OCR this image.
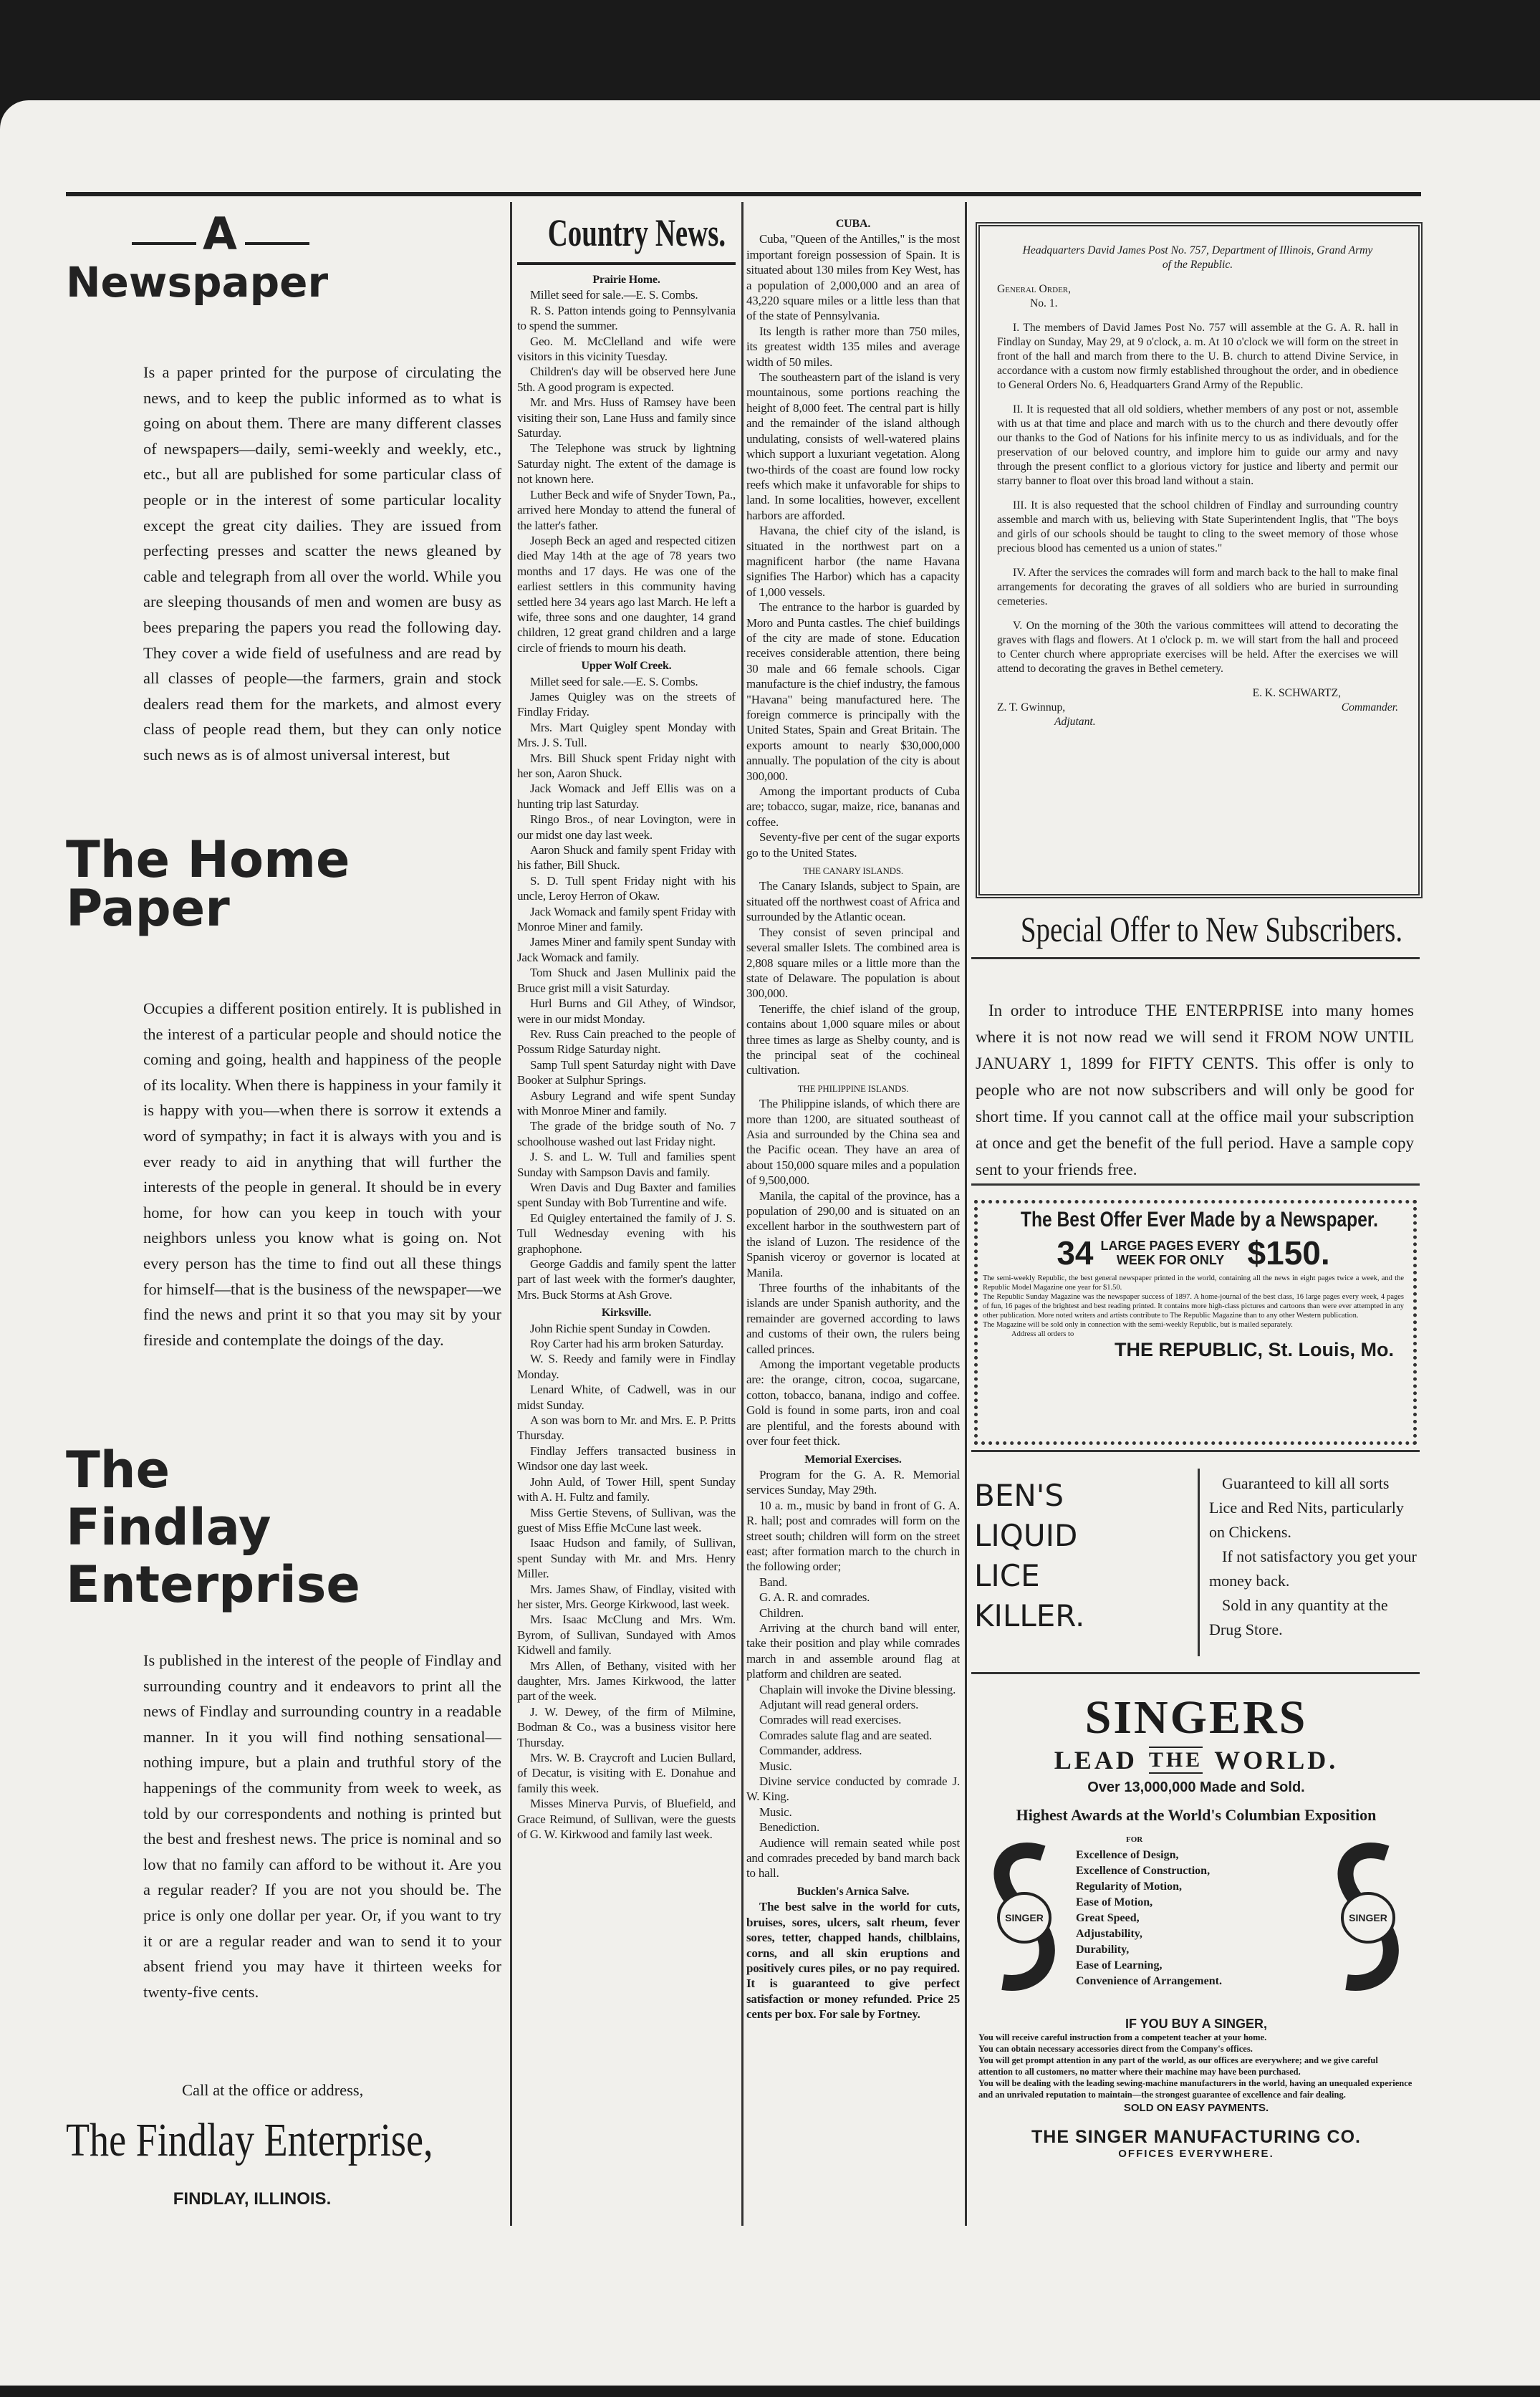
A
Newspaper
Is a paper printed for the purpose of circulating the news, and to keep the public informed as to what is going on about them. There are many different classes of newspapers—daily, semi-weekly and weekly, etc., etc., but all are published for some particular class of people or in the interest of some particular locality except the great city dailies. They are issued from perfecting presses and scatter the news gleaned by cable and telegraph from all over the world. While you are sleeping thousands of men and women are busy as bees preparing the papers you read the following day. They cover a wide field of usefulness and are read by all classes of people—the farmers, grain and stock dealers read them for the markets, and almost every class of people read them, but they can only notice such news as is of almost universal interest, but
The Home
Paper
Occupies a different position entirely. It is published in the interest of a particular people and should notice the coming and going, health and happiness of the people of its locality. When there is happiness in your family it is happy with you—when there is sorrow it extends a word of sympathy; in fact it is always with you and is ever ready to aid in anything that will further the interests of the people in general. It should be in every home, for how can you keep in touch with your neighbors unless you know what is going on. Not every person has the time to find out all these things for himself—that is the business of the newspaper—we find the news and print it so that you may sit by your fireside and contemplate the doings of the day.
The
Findlay
Enterprise
Is published in the interest of the people of Findlay and surrounding country and it endeavors to print all the news of Findlay and surrounding country in a readable manner. In it you will find nothing sensational—nothing impure, but a plain and truthful story of the happenings of the community from week to week, as told by our correspondents and nothing is printed but the best and freshest news. The price is nominal and so low that no family can afford to be without it. Are you a regular reader? If you are not you should be. The price is only one dollar per year. Or, if you want to try it or are a regular reader and wan to send it to your absent friend you may have it thirteen weeks for twenty-five cents.
Call at the office or address,
The Findlay Enterprise,
FINDLAY, ILLINOIS.
Country News.

Prairie Home.

Millet seed for sale.—E. S. Combs.

R. S. Patton intends going to Pennsylvania to spend the summer.

Geo. M. McClelland and wife were visitors in this vicinity Tuesday.

Children's day will be observed here June 5th. A good program is expected.

Mr. and Mrs. Huss of Ramsey have been visiting their son, Lane Huss and family since Saturday.

The Telephone was struck by lightning Saturday night. The extent of the damage is not known here.

Luther Beck and wife of Snyder Town, Pa., arrived here Monday to attend the funeral of the latter's father.

Joseph Beck an aged and respected citizen died May 14th at the age of 78 years two months and 17 days. He was one of the earliest settlers in this community having settled here 34 years ago last March. He left a wife, three sons and one daughter, 14 grand children, 12 great grand children and a large circle of friends to mourn his death.

Upper Wolf Creek.

Millet seed for sale.—E. S. Combs.

James Quigley was on the streets of Findlay Friday.

Mrs. Mart Quigley spent Monday with Mrs. J. S. Tull.

Mrs. Bill Shuck spent Friday night with her son, Aaron Shuck.

Jack Womack and Jeff Ellis was on a hunting trip last Saturday.

Ringo Bros., of near Lovington, were in our midst one day last week.

Aaron Shuck and family spent Friday with his father, Bill Shuck.

S. D. Tull spent Friday night with his uncle, Leroy Herron of Okaw.

Jack Womack and family spent Friday with Monroe Miner and family.

James Miner and family spent Sunday with Jack Womack and family.

Tom Shuck and Jasen Mullinix paid the Bruce grist mill a visit Saturday.

Hurl Burns and Gil Athey, of Windsor, were in our midst Monday.

Rev. Russ Cain preached to the people of Possum Ridge Saturday night.

Samp Tull spent Saturday night with Dave Booker at Sulphur Springs.

Asbury Legrand and wife spent Sunday with Monroe Miner and family.

The grade of the bridge south of No. 7 schoolhouse washed out last Friday night.

J. S. and L. W. Tull and families spent Sunday with Sampson Davis and family.

Wren Davis and Dug Baxter and families spent Sunday with Bob Turrentine and wife.

Ed Quigley entertained the family of J. S. Tull Wednesday evening with his graphophone.

George Gaddis and family spent the latter part of last week with the former's daughter, Mrs. Buck Storms at Ash Grove.

Kirksville.

John Richie spent Sunday in Cowden.

Roy Carter had his arm broken Saturday.

W. S. Reedy and family were in Findlay Monday.

Lenard White, of Cadwell, was in our midst Sunday.

A son was born to Mr. and Mrs. E. P. Pritts Thursday.

Findlay Jeffers transacted business in Windsor one day last week.

John Auld, of Tower Hill, spent Sunday with A. H. Fultz and family.

Miss Gertie Stevens, of Sullivan, was the guest of Miss Effie McCune last week.

Isaac Hudson and family, of Sullivan, spent Sunday with Mr. and Mrs. Henry Miller.

Mrs. James Shaw, of Findlay, visited with her sister, Mrs. George Kirkwood, last week.

Mrs. Isaac McClung and Mrs. Wm. Byrom, of Sullivan, Sundayed with Amos Kidwell and family.

Mrs Allen, of Bethany, visited with her daughter, Mrs. James Kirkwood, the latter part of the week.

J. W. Dewey, of the firm of Milmine, Bodman & Co., was a business visitor here Thursday.

Mrs. W. B. Craycroft and Lucien Bullard, of Decatur, is visiting with E. Donahue and family this week.

Misses Minerva Purvis, of Bluefield, and Grace Reimund, of Sullivan, were the guests of G. W. Kirkwood and family last week.

CUBA.

Cuba, "Queen of the Antilles," is the most important foreign possession of Spain. It is situated about 130 miles from Key West, has a population of 2,000,000 and an area of 43,220 square miles or a little less than that of the state of Pennsylvania.

Its length is rather more than 750 miles, its greatest width 135 miles and average width of 50 miles.

The southeastern part of the island is very mountainous, some portions reaching the height of 8,000 feet. The central part is hilly and the remainder of the island although undulating, consists of well-watered plains which support a luxuriant vegetation. Along two-thirds of the coast are found low rocky reefs which make it unfavorable for ships to land. In some localities, however, excellent harbors are afforded.

Havana, the chief city of the island, is situated in the northwest part on a magnificent harbor (the name Havana signifies The Harbor) which has a capacity of 1,000 vessels.

The entrance to the harbor is guarded by Moro and Punta castles. The chief buildings of the city are made of stone. Education receives considerable attention, there being 30 male and 66 female schools. Cigar manufacture is the chief industry, the famous "Havana" being manufactured here. The foreign commerce is principally with the United States, Spain and Great Britain. The exports amount to nearly $30,000,000 annually. The population of the city is about 300,000.

Among the important products of Cuba are; tobacco, sugar, maize, rice, bananas and coffee.

Seventy-five per cent of the sugar exports go to the United States.

THE CANARY ISLANDS.

The Canary Islands, subject to Spain, are situated off the northwest coast of Africa and surrounded by the Atlantic ocean.

They consist of seven principal and several smaller Islets. The combined area is 2,808 square miles or a little more than the state of Delaware. The population is about 300,000.

Teneriffe, the chief island of the group, contains about 1,000 square miles or about three times as large as Shelby county, and is the principal seat of the cochineal cultivation.

THE PHILIPPINE ISLANDS.

The Philippine islands, of which there are more than 1200, are situated southeast of Asia and surrounded by the China sea and the Pacific ocean. They have an area of about 150,000 square miles and a population of 9,500,000.

Manila, the capital of the province, has a population of 290,00 and is situated on an excellent harbor in the southwestern part of the island of Luzon. The residence of the Spanish viceroy or governor is located at Manila.

Three fourths of the inhabitants of the islands are under Spanish authority, and the remainder are governed according to laws and customs of their own, the rulers being called princes.

Among the important vegetable products are: the orange, citron, cocoa, sugarcane, cotton, tobacco, banana, indigo and coffee. Gold is found in some parts, iron and coal are plentiful, and the forests abound with over four feet thick.

Memorial Exercises.

Program for the G. A. R. Memorial services Sunday, May 29th.

10 a. m., music by band in front of G. A. R. hall; post and comrades will form on the street south; children will form on the street east; after formation march to the church in the following order;

Band.

G. A. R. and comrades.

Children.

Arriving at the church band will enter, take their position and play while comrades march in and assemble around flag at platform and children are seated.

Chaplain will invoke the Divine blessing.

Adjutant will read general orders.

Comrades will read exercises.

Comrades salute flag and are seated.

Commander, address.

Music.

Divine service conducted by comrade J. W. King.

Music.

Benediction.

Audience will remain seated while post and comrades preceded by band march back to hall.

Bucklen's Arnica Salve.

The best salve in the world for cuts, bruises, sores, ulcers, salt rheum, fever sores, tetter, chapped hands, chilblains, corns, and all skin eruptions and positively cures piles, or no pay required. It is guaranteed to give perfect satisfaction or money refunded. Price 25 cents per box. For sale by Fortney.

Headquarters David James Post No. 757, Department of Illinois, Grand Army of the Republic.
General Order,
No. 1.
I. The members of David James Post No. 757 will assemble at the G. A. R. hall in Findlay on Sunday, May 29, at 9 o'clock, a. m. At 10 o'clock we will form on the street in front of the hall and march from there to the U. B. church to attend Divine Service, in accordance with a custom now firmly established throughout the order, and in obedience to General Orders No. 6, Headquarters Grand Army of the Republic.
II. It is requested that all old soldiers, whether members of any post or not, assemble with us at that time and place and march with us to the church and there devoutly offer our thanks to the God of Nations for his infinite mercy to us as individuals, and for the preservation of our beloved country, and implore him to guide our army and navy through the present conflict to a glorious victory for justice and liberty and permit our starry banner to float over this broad land without a stain.
III. It is also requested that the school children of Findlay and surrounding country assemble and march with us, believing with State Superintendent Inglis, that "The boys and girls of our schools should be taught to cling to the sweet memory of those whose precious blood has cemented us a union of states."
IV. After the services the comrades will form and march back to the hall to make final arrangements for decorating the graves of all soldiers who are buried in surrounding cemeteries.
V. On the morning of the 30th the various committees will attend to decorating the graves with flags and flowers. At 1 o'clock p. m. we will start from the hall and proceed to Center church where appropriate exercises will be held. After the exercises we will attend to decorating the graves in Bethel cemetery.
E. K. SCHWARTZ,
Z. T. Gwinnup,	Commander.
Adjutant.
Special Offer to New Subscribers.
In order to introduce THE ENTERPRISE into many homes where it is not now read we will send it FROM NOW UNTIL JANUARY 1, 1899 for FIFTY CENTS. This offer is only to people who are not now subscribers and will only be good for short time. If you cannot call at the office mail your subscription at once and get the benefit of the full period. Have a sample copy sent to your friends free.
The Best Offer Ever Made by a Newspaper.
34 LARGE PAGES EVERY
WEEK FOR ONLY $150.
The semi-weekly Republic, the best general newspaper printed in the world, containing all the news in eight pages twice a week, and the Republic Model Magazine one year for $1.50.
The Republic Sunday Magazine was the newspaper success of 1897. A home-journal of the best class, 16 large pages every week, 4 pages of fun, 16 pages of the brightest and best reading printed. It contains more high-class pictures and cartoons than were ever attempted in any other publication. More noted writers and artists contribute to The Republic Magazine than to any other Western publication.
The Magazine will be sold only in connection with the semi-weekly Republic, but is mailed separately.
Address all orders to
THE REPUBLIC, St. Louis, Mo.
BEN'S
LIQUID
LICE
KILLER.
Guaranteed to kill all sorts Lice and Red Nits, particularly on Chickens.
If not satisfactory you get your money back.
Sold in any quantity at the Drug Store.
SINGERS
LEAD THE WORLD.
Over 13,000,000 Made and Sold.
Highest Awards at the World's Columbian Exposition
SINGER	SINGER
FOR
Excellence of Design,
Excellence of Construction,
Regularity of Motion,
Ease of Motion,
Great Speed,
Adjustability,
Durability,
Ease of Learning,
Convenience of Arrangement.
IF YOU BUY A SINGER,
You will receive careful instruction from a competent teacher at your home.
You can obtain necessary accessories direct from the Company's offices.
You will get prompt attention in any part of the world, as our offices are everywhere; and we give careful attention to all customers, no matter where their machine may have been purchased.
You will be dealing with the leading sewing-machine manufacturers in the world, having an unequaled experience and an unrivaled reputation to maintain—the strongest guarantee of excellence and fair dealing.
SOLD ON EASY PAYMENTS.
THE SINGER MANUFACTURING CO.
OFFICES EVERYWHERE.
